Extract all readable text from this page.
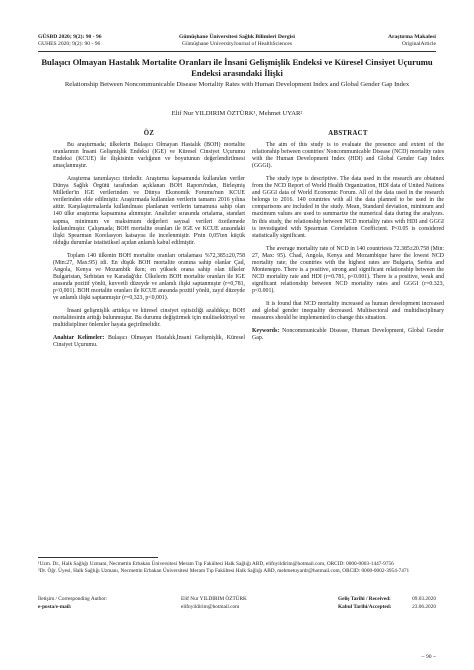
GÜSBD 2020; 9(2): 90 - 96
GUHES 2020; 9(2): 90 - 96
Gümüşhane Üniversitesi Sağlık Bilimleri Dergisi
Gümüşhane UniversityJournal of HealthSciences
Araştırma Makalesi
OriginalArticle
Bulaşıcı Olmayan Hastalık Mortalite Oranları ile İnsani Gelişmişlik Endeksi ve Küresel Cinsiyet Uçurumu Endeksi arasındaki İlişki
Relationship Between Noncommunicable Disease Mortality Rates with Human Development Index and Global Gender Gap Index
Elif Nur YILDIRIM ÖZTÜRK¹, Mehmet UYAR²
ÖZ

Bu araştırmada; ülkelerin Bulaşıcı Olmayan Hastalık (BOH) mortalite oranlarının İnsani Gelişmişlik Endeksi (IGE) ve Küresel Cinsiyet Uçurumu Endeksi (KCUE) ile ilişkisinin varlığının ve boyutunun değerlendirilmesi amaçlanmıştır.

Araştırma tanımlayıcı türdedir. Araştırma kapsamında kullanılan veriler Dünya Sağlık Örgütü tarafından açıklanan BOH Raporu'ndan, Birleşmiş Milletler'in IGE verilerinden ve Dünya Ekonomik Forumu'nun KCUE verilerinden elde edilmiştir. Araştırmada kullanılan verilerin tamamı 2016 yılına aittir. Karşılaştırmalarda kullanılması planlanan verilerin tamamına sahip olan 140 ülke araştırma kapsamına alınmıştır. Analizler sırasında ortalama, standart sapma, minimum ve maksimum değerleri sayısal verileri özetlemede kullanılmıştır. Çalışmada; BOH mortalite oranları ile IGE ve KCUE arasındaki ilişki Spearman Korelasyon katsayısı ile incelenmiştir. P'nin 0,05'ten küçük olduğu durumlar istatistiksel açıdan anlamlı kabul edilmiştir.

Toplam 140 ülkenin BOH mortalite oranları ortalaması %72,385±20,758 (Min:27, Max:95) idi. En düşük BOH mortalite oranına sahip olanlar Çad, Angola, Kenya ve Mozambik iken; en yüksek orana sahip olan ülkeler Bulgaristan, Sırbistan ve Karadağ'dır. Ülkelerin BOH mortalite oranları ile IGE arasında pozitif yönlü, kuvvetli düzeyde ve anlamlı ilişki saptanmıştır (r=0,781, p<0,001). BOH mortalite oranları ile KCUE arasında pozitif yönlü, zayıf düzeyde ve anlamlı ilişki saptanmıştır (r=0,323, p<0,001).

İnsani gelişmişlik arttıkça ve küresel cinsiyet eşitsizliği azaldıkça; BOH mortalitesinin arttığı bulunmuştur. Bu durumu değiştirmek için multisektöriyel ve multidisipliner önlemler hayata geçirilmelidir.

Anahtar Kelimeler: Bulaşıcı Olmayan Hastalık,İnsani Gelişmişlik, Küresel Cinsiyet Uçurumu.

ABSTRACT

The aim of this study is to evaluate the presence and extent of the relationship between countries' Noncommunicable Disease (NCD) mortality rates with the Human Development Index (HDI) and Global Gender Gap Index (GGGI).

The study type is descriptive. The data used in the research are obtained from the NCD Report of World Health Organization, HDI data of United Nations and GGGI data of World Economic Forum. All of the data used in the research belongs to 2016. 140 countries with all the data planned to be used in the comparisons are included in the study. Mean, Standard deviation, minimum and maximum values are used to summarize the numerical data during the analyzes. In this study, the relationship between NCD mortality rates with HDI and GGGI is investigated with Spearman Correlation Coefficient. P<0.05 is considered statistically significant.

The average mortality rate of NCD in 140 countriesis 72.385±20.758 (Min: 27, Max: 95). Chad, Angola, Kenya and Mozambique have the lowest NCD mortality rate; the countries with the highest rates are Bulgaria, Serbia and Montenegro. There is a positive, strong and significant relationship between the NCD mortality rate and HDI (r=0.781, p<0.001). There is a positive, weak and significant relationship between NCD mortality rates and GGGI (r=0.323, p<0.001).

It is found that NCD mortality increased as human development increased and global gender inequality decreased. Multisectoral and multidisciplinary measures should be implemented to change this situation.

Keywords: Noncommunicable Disease, Human Development, Global Gender Gap.

¹Uzm. Dr., Halk Sağlığı Uzmanı, Necmettin Erbakan Üniversitesi Meram Tıp Fakültesi Halk Sağlığı ABD, elifnyildirim@hotmail.com, ORCID: 0000-0003-1447-9756

²Dr. Öğr. Üyesi, Halk Sağlığı Uzmanı, Necmettin Erbakan Üniversitesi Meram Tıp Fakültesi Halk Sağlığı ABD, mehmetuyardr@hotmail.com, ORCID: 0000-0002-3954-7471

İletişim / Corresponding Author:	Elif Nur YILDIRIM ÖZTÜRK	Geliş Tarihi / Received:	09.03.2020
e-posta/e-mail:	elifnyildirim@hotmail.com	Kabul Tarihi/Accepted:	23.06.2020
~ 90 ~
